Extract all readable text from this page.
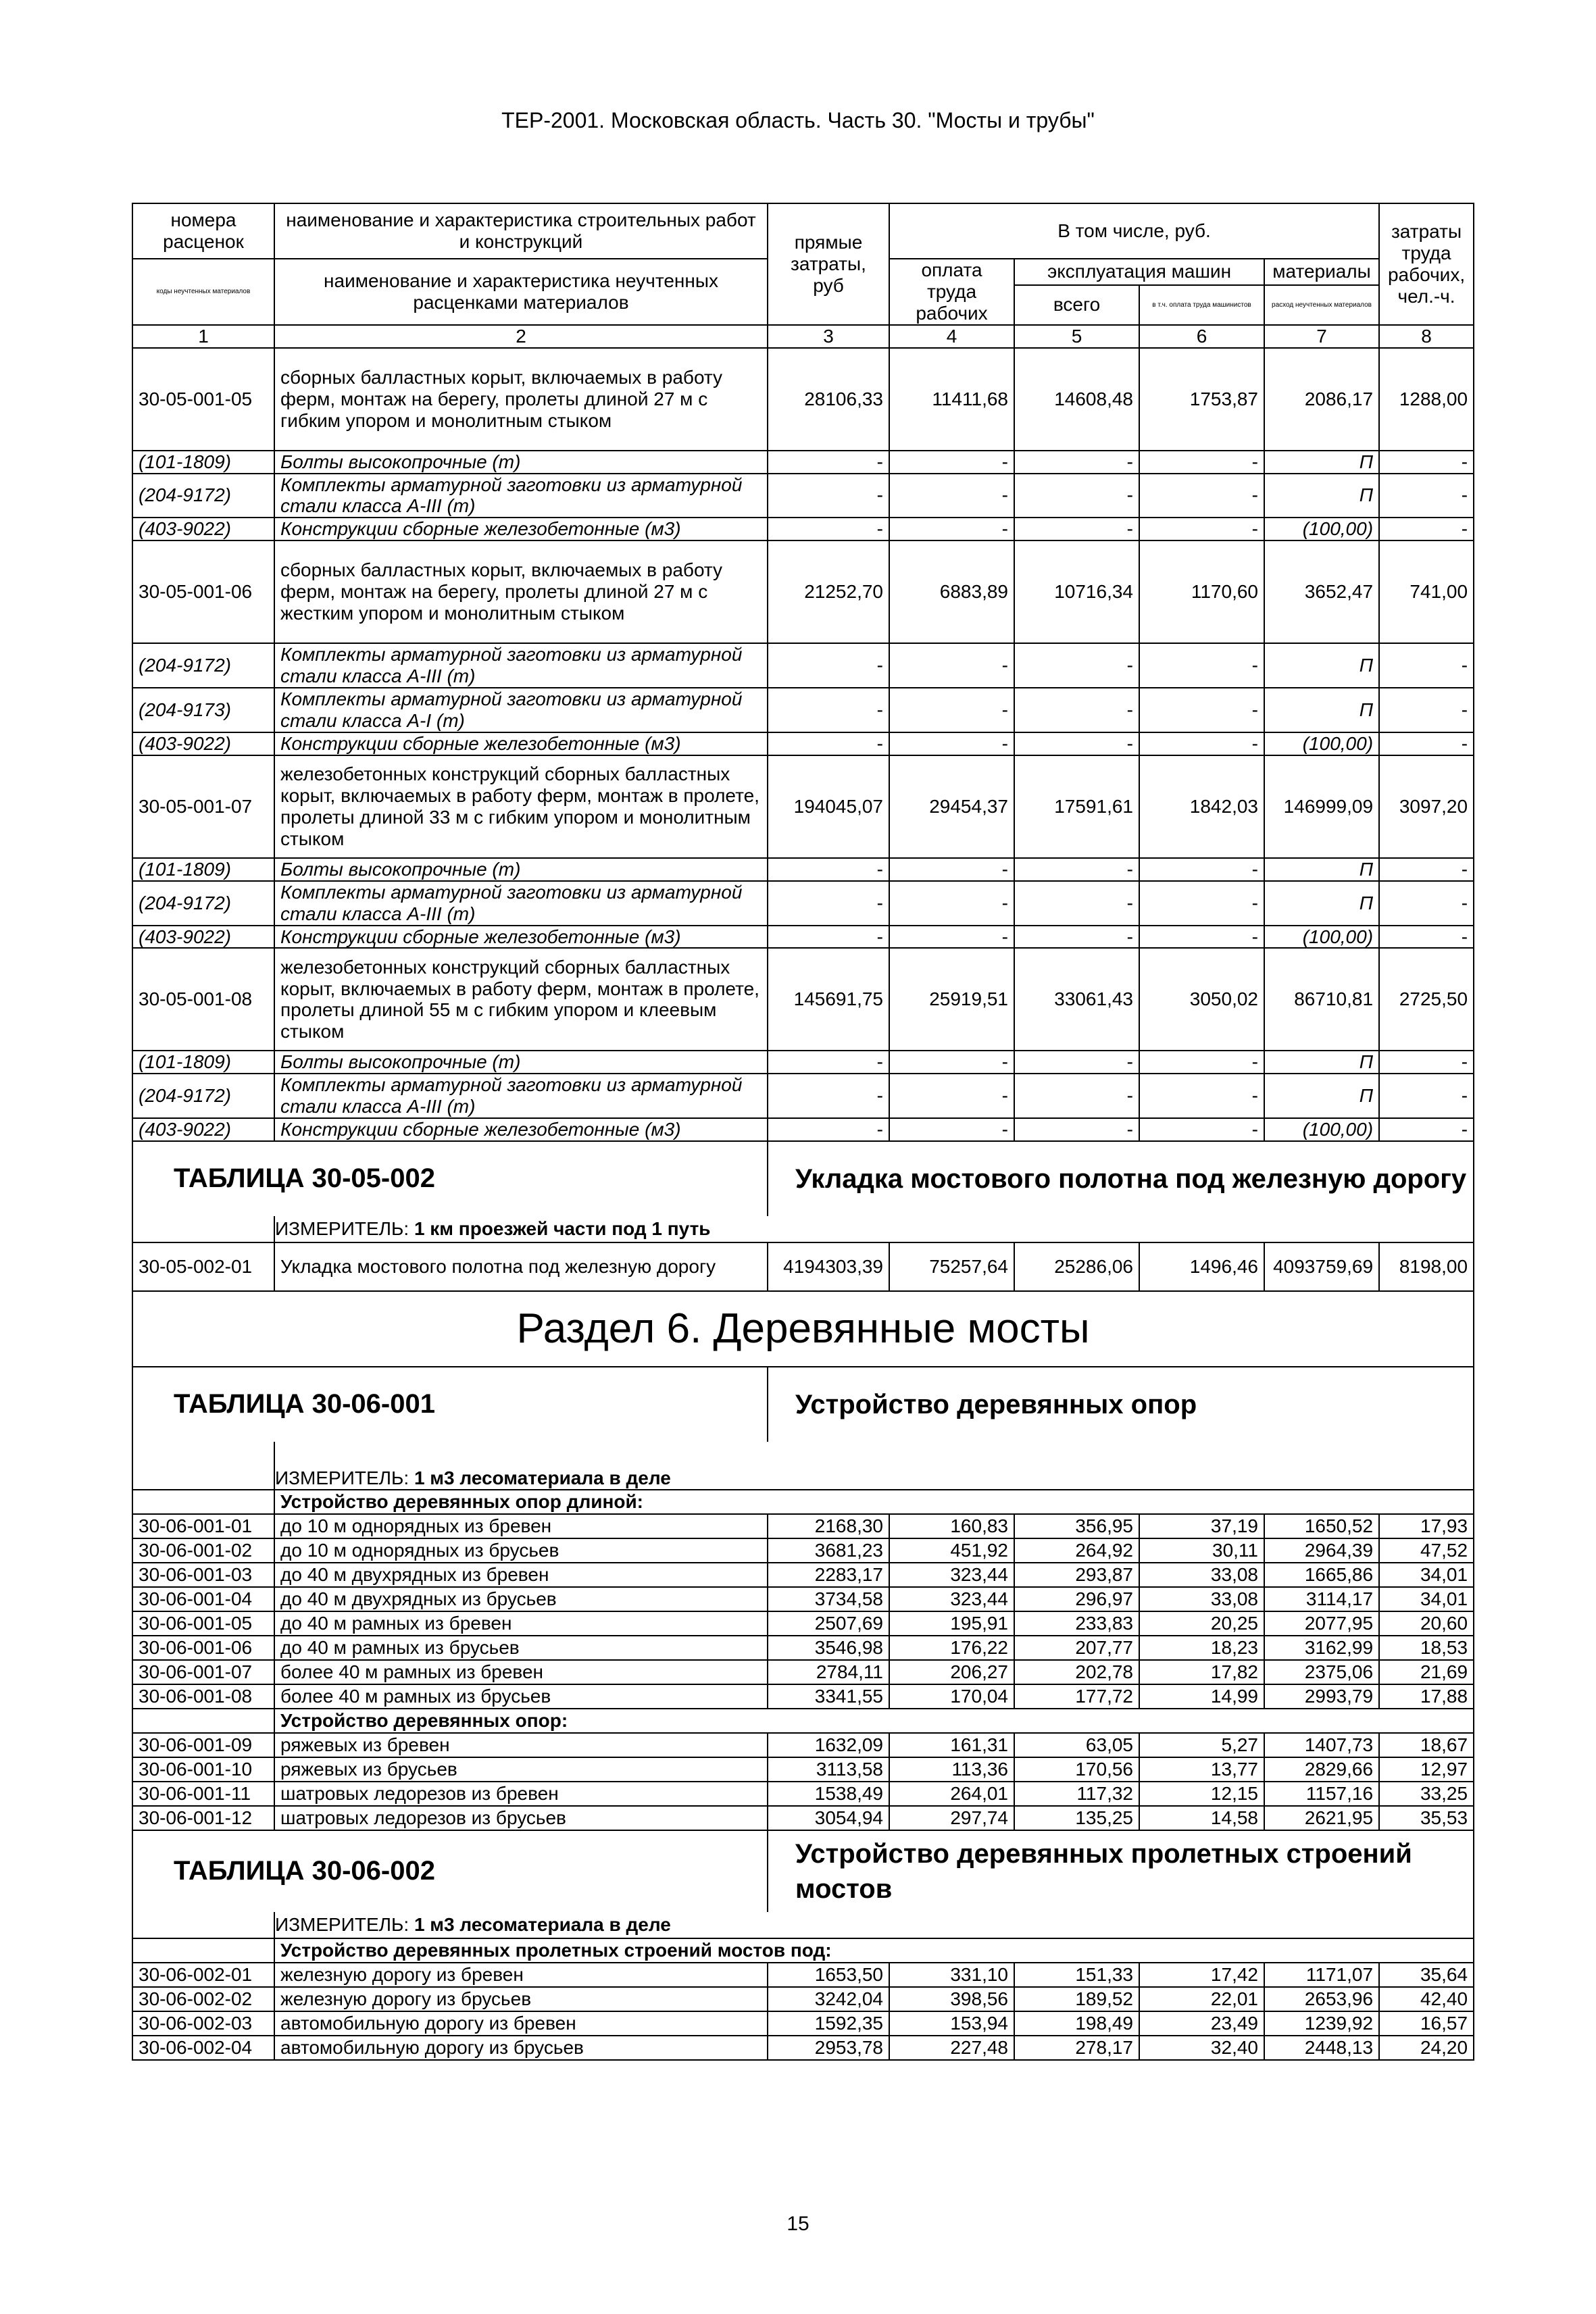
ТЕР-2001. Московская область. Часть 30. "Мосты и трубы"
номера расценок	наименование и характеристика строительных работ и конструкций	прямые затраты, руб	В том числе, руб.				затраты труда рабочих, чел.-ч.
коды неучтенных материалов	наименование и характеристика неучтенных расценками материалов		оплата труда рабочих	эксплуатация машин		материалы	
				всего	в т.ч. оплата труда машинистов	расход неучтенных материалов	
1	2	3	4	5	6	7	8
30-05-001-05	сборных балластных корыт, включаемых в работу ферм, монтаж на берегу, пролеты длиной 27 м с гибким упором и монолитным стыком	28106,33	11411,68	14608,48	1753,87	2086,17	1288,00
(101-1809)	Болты высокопрочные (т)	-	-	-	-	П	-
(204-9172)	Комплекты арматурной заготовки из арматурной стали класса А-III (т)	-	-	-	-	П	-
(403-9022)	Конструкции сборные железобетонные (м3)	-	-	-	-	(100,00)	-
30-05-001-06	сборных балластных корыт, включаемых в работу ферм, монтаж на берегу, пролеты длиной 27 м с жестким упором и монолитным стыком	21252,70	6883,89	10716,34	1170,60	3652,47	741,00
(204-9172)	Комплекты арматурной заготовки из арматурной стали класса А-III (т)	-	-	-	-	П	-
(204-9173)	Комплекты арматурной заготовки из арматурной стали класса А-I (т)	-	-	-	-	П	-
(403-9022)	Конструкции сборные железобетонные (м3)	-	-	-	-	(100,00)	-
30-05-001-07	железобетонных конструкций сборных балластных корыт, включаемых в работу ферм, монтаж в пролете, пролеты длиной 33 м с гибким упором и монолитным стыком	194045,07	29454,37	17591,61	1842,03	146999,09	3097,20
(101-1809)	Болты высокопрочные (т)	-	-	-	-	П	-
(204-9172)	Комплекты арматурной заготовки из арматурной стали класса А-III (т)	-	-	-	-	П	-
(403-9022)	Конструкции сборные железобетонные (м3)	-	-	-	-	(100,00)	-
30-05-001-08	железобетонных конструкций сборных балластных корыт, включаемых в работу ферм, монтаж в пролете, пролеты длиной 55 м с гибким упором и клеевым стыком	145691,75	25919,51	33061,43	3050,02	86710,81	2725,50
(101-1809)	Болты высокопрочные (т)	-	-	-	-	П	-
(204-9172)	Комплекты арматурной заготовки из арматурной стали класса А-III (т)	-	-	-	-	П	-
(403-9022)	Конструкции сборные железобетонные (м3)	-	-	-	-	(100,00)	-
ТАБЛИЦА 30-05-002		Укладка мостового полотна под железную дорогу					
	ИЗМЕРИТЕЛЬ: 1 км проезжей части под 1 путь						
30-05-002-01	Укладка мостового полотна под железную дорогу	4194303,39	75257,64	25286,06	1496,46	4093759,69	8198,00
Раздел 6. Деревянные мосты							
ТАБЛИЦА 30-06-001		Устройство деревянных опор					
	ИЗМЕРИТЕЛЬ: 1 м3 лесоматериала в деле						
	Устройство деревянных опор длиной:						
30-06-001-01	до 10 м однорядных из бревен	2168,30	160,83	356,95	37,19	1650,52	17,93
30-06-001-02	до 10 м однорядных из брусьев	3681,23	451,92	264,92	30,11	2964,39	47,52
30-06-001-03	до 40 м двухрядных из бревен	2283,17	323,44	293,87	33,08	1665,86	34,01
30-06-001-04	до 40 м двухрядных из брусьев	3734,58	323,44	296,97	33,08	3114,17	34,01
30-06-001-05	до 40 м рамных из бревен	2507,69	195,91	233,83	20,25	2077,95	20,60
30-06-001-06	до 40 м рамных из брусьев	3546,98	176,22	207,77	18,23	3162,99	18,53
30-06-001-07	более 40 м рамных из бревен	2784,11	206,27	202,78	17,82	2375,06	21,69
30-06-001-08	более 40 м рамных из брусьев	3341,55	170,04	177,72	14,99	2993,79	17,88
	Устройство деревянных опор:						
30-06-001-09	ряжевых из бревен	1632,09	161,31	63,05	5,27	1407,73	18,67
30-06-001-10	ряжевых из брусьев	3113,58	113,36	170,56	13,77	2829,66	12,97
30-06-001-11	шатровых ледорезов из бревен	1538,49	264,01	117,32	12,15	1157,16	33,25
30-06-001-12	шатровых ледорезов из брусьев	3054,94	297,74	135,25	14,58	2621,95	35,53
ТАБЛИЦА 30-06-002		Устройство деревянных пролетных строений мостов					
	ИЗМЕРИТЕЛЬ: 1 м3 лесоматериала в деле						
	Устройство деревянных пролетных строений мостов под:						
30-06-002-01	железную дорогу из бревен	1653,50	331,10	151,33	17,42	1171,07	35,64
30-06-002-02	железную дорогу из брусьев	3242,04	398,56	189,52	22,01	2653,96	42,40
30-06-002-03	автомобильную дорогу из бревен	1592,35	153,94	198,49	23,49	1239,92	16,57
30-06-002-04	автомобильную дорогу из брусьев	2953,78	227,48	278,17	32,40	2448,13	24,20
15
